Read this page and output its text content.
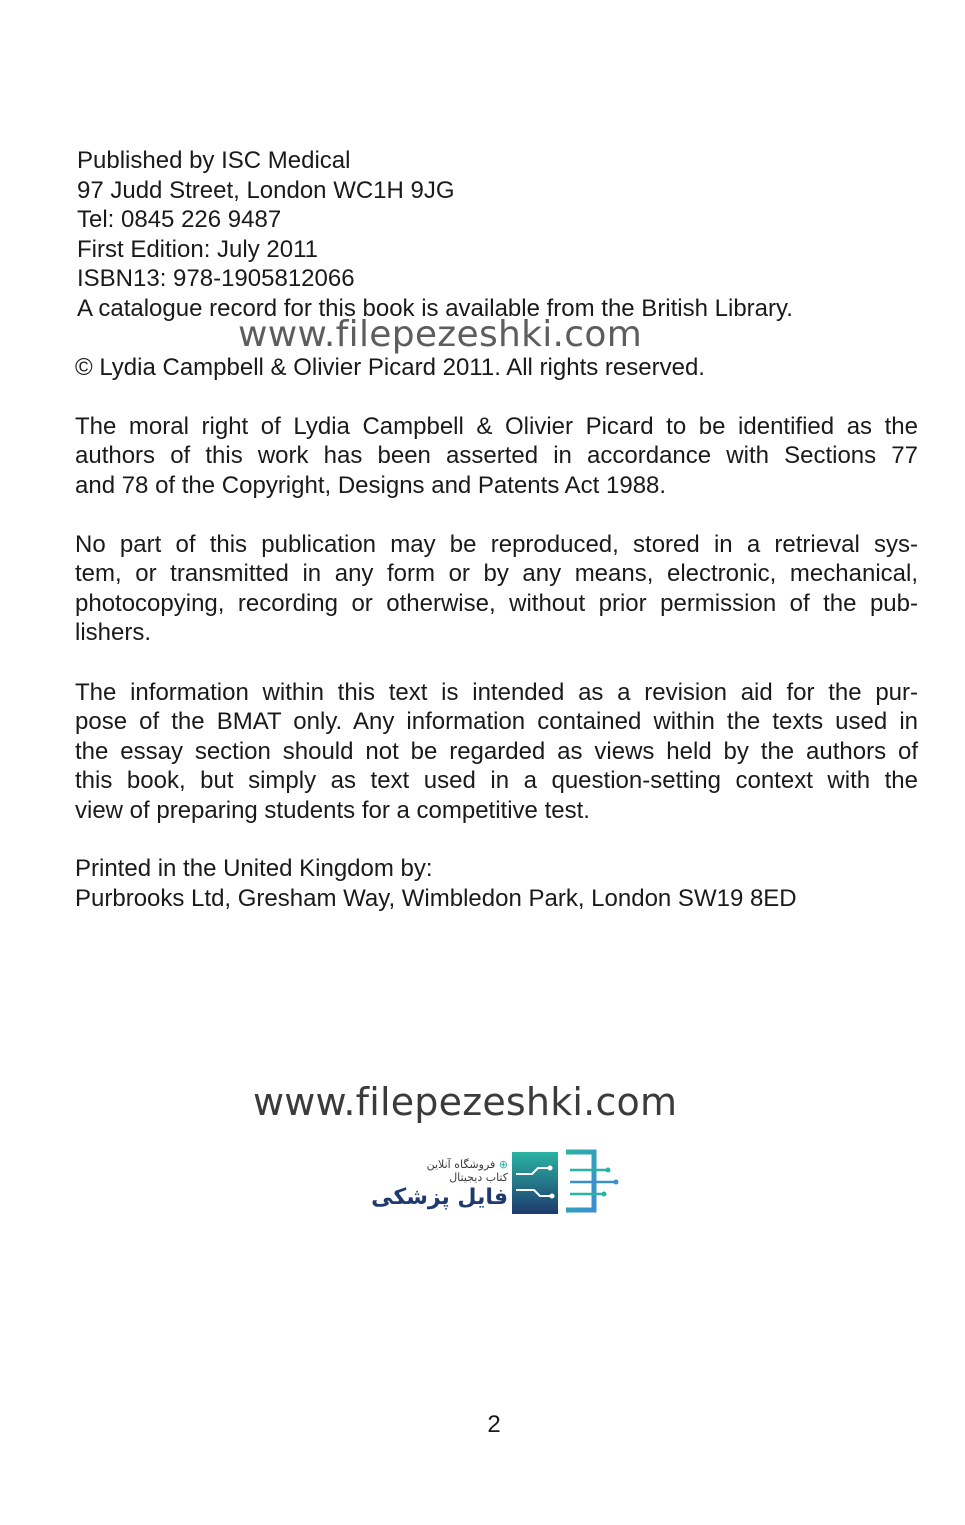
Published by ISC Medical
97 Judd Street, London WC1H 9JG
Tel: 0845 226 9487
First Edition: July 2011
ISBN13: 978-1905812066
A catalogue record for this book is available from the British Library.
© Lydia Campbell & Olivier Picard 2011. All rights reserved.
www.filepezeshki.com
The moral right of Lydia Campbell & Olivier Picard to be identified as the
authors of this work has been asserted in accordance with Sections 77
and 78 of the Copyright, Designs and Patents Act 1988.
No part of this publication may be reproduced, stored in a retrieval sys-
tem, or transmitted in any form or by any means, electronic, mechanical,
photocopying, recording or otherwise, without prior permission of the pub-
lishers.
The information within this text is intended as a revision aid for the pur-
pose of the BMAT only. Any information contained within the texts used in
the essay section should not be regarded as views held by the authors of
this book, but simply as text used in a question-setting context with the
view of preparing students for a competitive test.
Printed in the United Kingdom by:
Purbrooks Ltd, Gresham Way, Wimbledon Park, London SW19 8ED
www.filepezeshki.com
⊕ فروشگاه آنلاین
کتاب دیجیتال
فایل پزشکی
2
